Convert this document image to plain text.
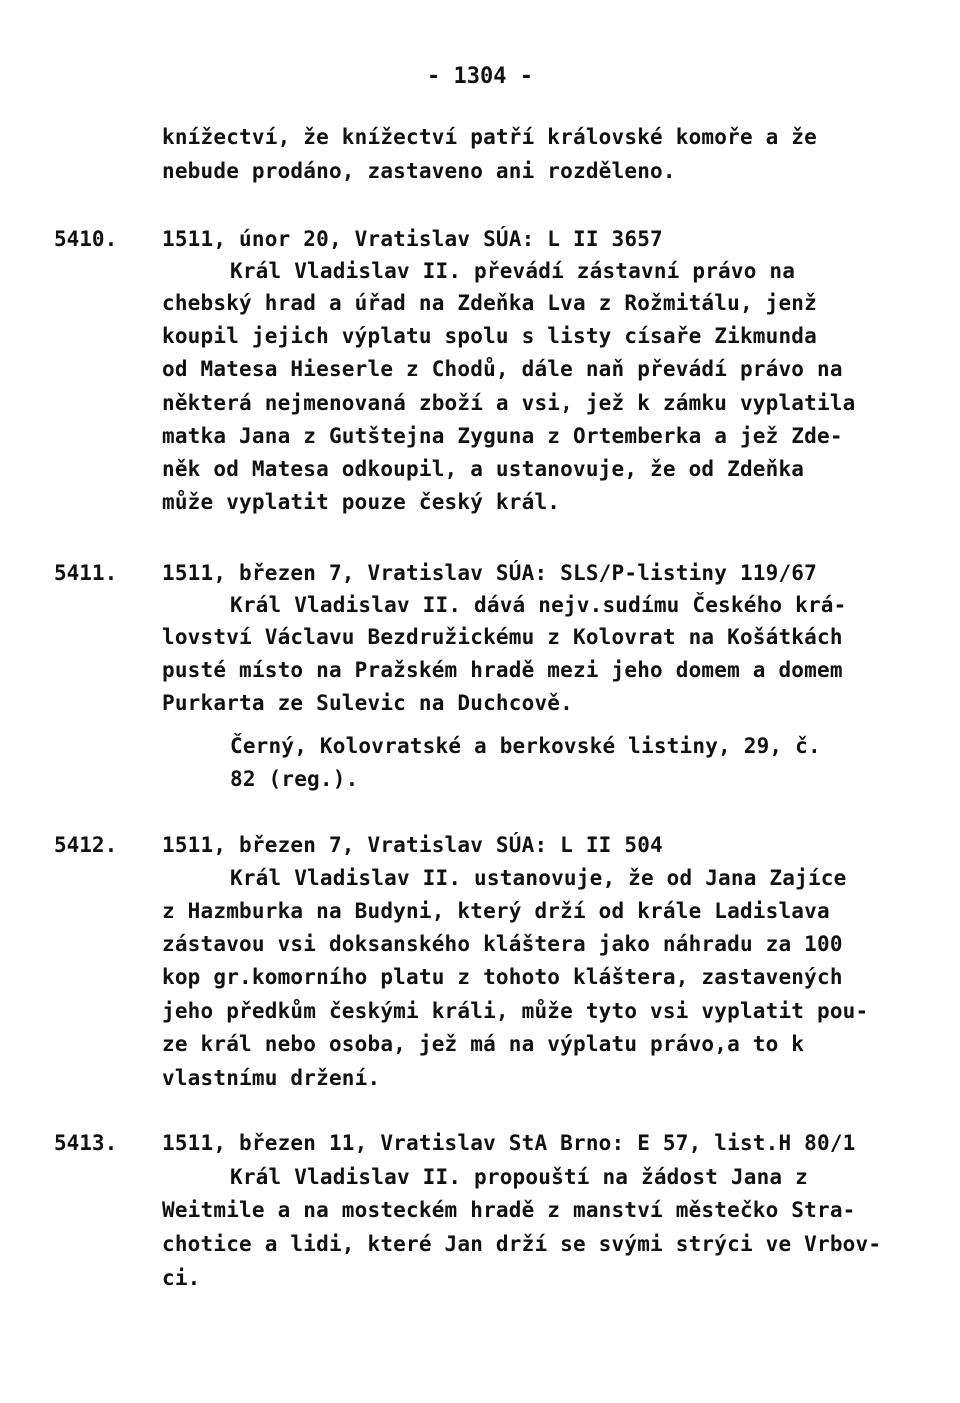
- 1304 -
knížectví, že knížectví patří královské komoře a že
nebude prodáno, zastaveno ani rozděleno.
5410. 1511, únor 20, Vratislav SÚA: L II 3657
Král Vladislav II. převádí zástavní právo na
chebský hrad a úřad na Zdeňka Lva z Rožmitálu, jenž
koupil jejich výplatu spolu s listy císaře Zikmunda
od Matesa Hieserle z Chodů, dále naň převádí právo na
některá nejmenovaná zboží a vsi, jež k zámku vyplatila
matka Jana z Gutštejna Zyguna z Ortemberka a jež Zde-
něk od Matesa odkoupil, a ustanovuje, že od Zdeňka
může vyplatit pouze český král.
5411. 1511, březen 7, Vratislav SÚA: SLS/P-listiny 119/67
Král Vladislav II. dává nejv.sudímu Českého krá-
lovství Václavu Bezdružickému z Kolovrat na Košátkách
pusté místo na Pražském hradě mezi jeho domem a domem
Purkarta ze Sulevic na Duchcově.
Černý, Kolovratské a berkovské listiny, 29, č.
82 (reg.).
5412. 1511, březen 7, Vratislav SÚA: L II 504
Král Vladislav II. ustanovuje, že od Jana Zajíce
z Hazmburka na Budyni, který drží od krále Ladislava
zástavou vsi doksanského kláštera jako náhradu za 100
kop gr.komorního platu z tohoto kláštera, zastavených
jeho předkům českými králi, může tyto vsi vyplatit pou-
ze král nebo osoba, jež má na výplatu právo,a to k
vlastnímu držení.
5413. 1511, březen 11, Vratislav StA Brno: E 57, list.H 80/1
Král Vladislav II. propouští na žádost Jana z
Weitmile a na mosteckém hradě z manství městečko Stra-
chotice a lidi, které Jan drží se svými strýci ve Vrbov-
ci.
